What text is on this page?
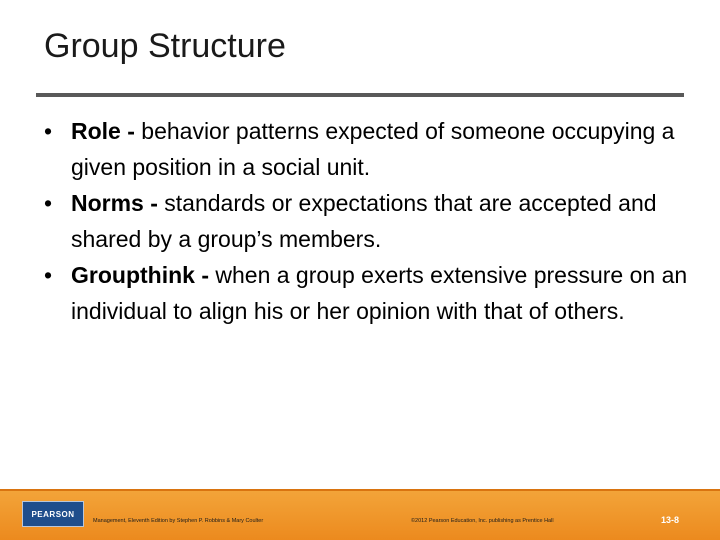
Group Structure
• Role - behavior patterns expected of someone occupying a given position in a social unit.
• Norms - standards or expectations that are accepted and shared by a group’s members.
• Groupthink - when a group exerts extensive pressure on an individual to align his or her opinion with that of others.
PEARSON
Management, Eleventh Edition by Stephen P. Robbins & Mary Coulter	©2012 Pearson Education, Inc. publishing as Prentice Hall	13-8
